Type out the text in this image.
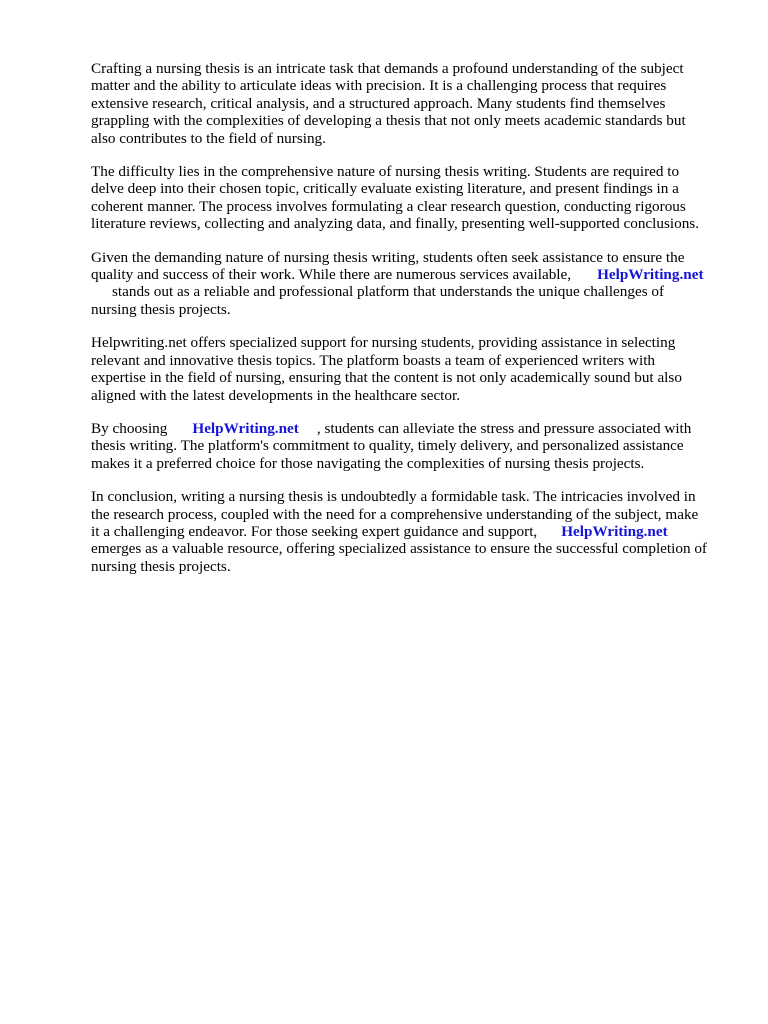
Crafting a nursing thesis is an intricate task that demands a profound understanding of the subject
matter and the ability to articulate ideas with precision. It is a challenging process that requires
extensive research, critical analysis, and a structured approach. Many students find themselves
grappling with the complexities of developing a thesis that not only meets academic standards but
also contributes to the field of nursing.

The difficulty lies in the comprehensive nature of nursing thesis writing. Students are required to
delve deep into their chosen topic, critically evaluate existing literature, and present findings in a
coherent manner. The process involves formulating a clear research question, conducting rigorous
literature reviews, collecting and analyzing data, and finally, presenting well-supported conclusions.

Given the demanding nature of nursing thesis writing, students often seek assistance to ensure the
quality and success of their work. While there are numerous services available, HelpWriting.net
stands out as a reliable and professional platform that understands the unique challenges of
nursing thesis projects.

Helpwriting.net offers specialized support for nursing students, providing assistance in selecting
relevant and innovative thesis topics. The platform boasts a team of experienced writers with
expertise in the field of nursing, ensuring that the content is not only academically sound but also
aligned with the latest developments in the healthcare sector.

By choosing HelpWriting.net , students can alleviate the stress and pressure associated with
thesis writing. The platform's commitment to quality, timely delivery, and personalized assistance
makes it a preferred choice for those navigating the complexities of nursing thesis projects.

In conclusion, writing a nursing thesis is undoubtedly a formidable task. The intricacies involved in
the research process, coupled with the need for a comprehensive understanding of the subject, make
it a challenging endeavor. For those seeking expert guidance and support, HelpWriting.net
emerges as a valuable resource, offering specialized assistance to ensure the successful completion of
nursing thesis projects.
